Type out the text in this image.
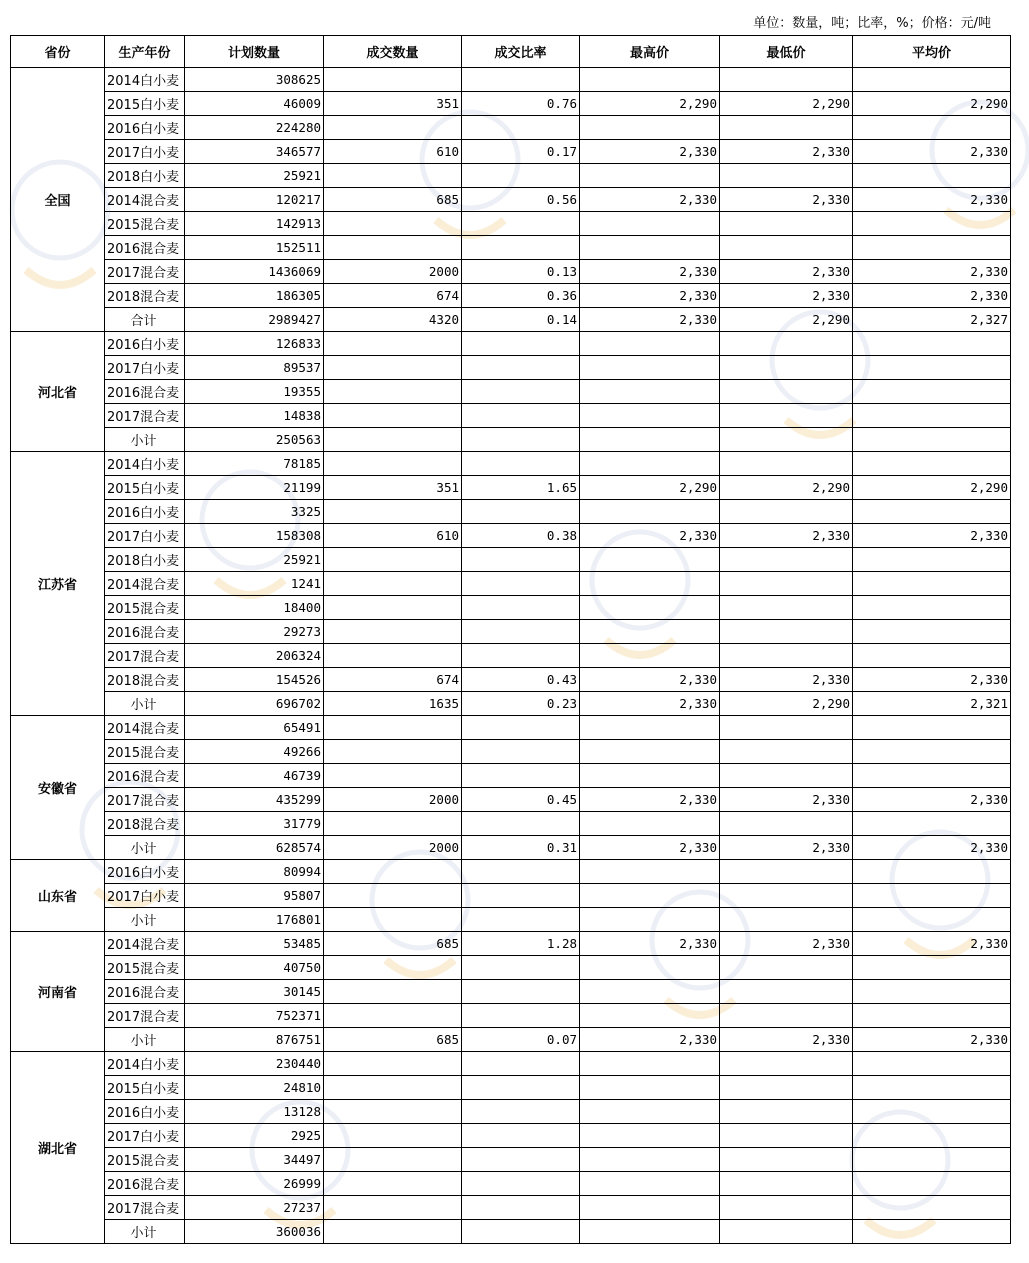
单位：数量，吨；比率，%；价格：元/吨
省份	生产年份	计划数量	成交数量	成交比率	最高价	最低价	平均价
全国	2014白小麦	308625					
	2015白小麦	46009	351	0.76	2,290	2,290	2,290
	2016白小麦	224280					
	2017白小麦	346577	610	0.17	2,330	2,330	2,330
	2018白小麦	25921					
	2014混合麦	120217	685	0.56	2,330	2,330	2,330
	2015混合麦	142913					
	2016混合麦	152511					
	2017混合麦	1436069	2000	0.13	2,330	2,330	2,330
	2018混合麦	186305	674	0.36	2,330	2,330	2,330
	合计	2989427	4320	0.14	2,330	2,290	2,327
河北省	2016白小麦	126833					
	2017白小麦	89537					
	2016混合麦	19355					
	2017混合麦	14838					
	小计	250563					
江苏省	2014白小麦	78185					
	2015白小麦	21199	351	1.65	2,290	2,290	2,290
	2016白小麦	3325					
	2017白小麦	158308	610	0.38	2,330	2,330	2,330
	2018白小麦	25921					
	2014混合麦	1241					
	2015混合麦	18400					
	2016混合麦	29273					
	2017混合麦	206324					
	2018混合麦	154526	674	0.43	2,330	2,330	2,330
	小计	696702	1635	0.23	2,330	2,290	2,321
安徽省	2014混合麦	65491					
	2015混合麦	49266					
	2016混合麦	46739					
	2017混合麦	435299	2000	0.45	2,330	2,330	2,330
	2018混合麦	31779					
	小计	628574	2000	0.31	2,330	2,330	2,330
山东省	2016白小麦	80994					
	2017白小麦	95807					
	小计	176801					
河南省	2014混合麦	53485	685	1.28	2,330	2,330	2,330
	2015混合麦	40750					
	2016混合麦	30145					
	2017混合麦	752371					
	小计	876751	685	0.07	2,330	2,330	2,330
湖北省	2014白小麦	230440					
	2015白小麦	24810					
	2016白小麦	13128					
	2017白小麦	2925					
	2015混合麦	34497					
	2016混合麦	26999					
	2017混合麦	27237					
	小计	360036					
